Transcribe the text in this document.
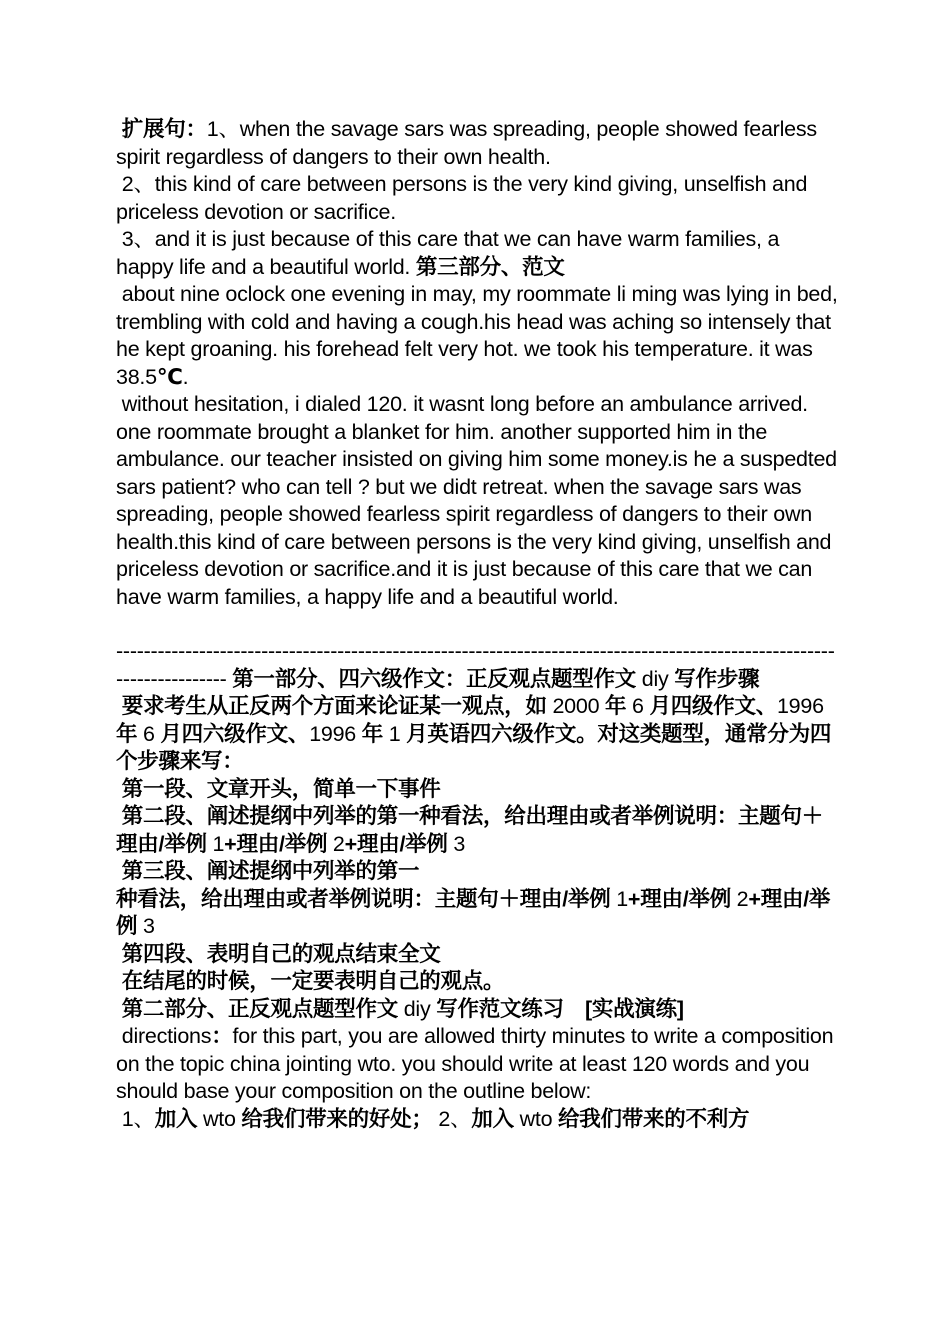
扩展句：1、when the savage sars was spreading, people showed fearless spirit regardless of dangers to their own health.

2、this kind of care between persons is the very kind giving, unselfish and priceless devotion or sacrifice.

3、and it is just because of this care that we can have warm families, a happy life and a beautiful world. 第三部分、范文

about nine oclock one evening in may, my roommate li ming was lying in bed, trembling with cold and having a cough.his head was aching so intensely that he kept groaning. his forehead felt very hot. we took his temperature. it was 38.5℃.

without hesitation, i dialed 120. it wasnt long before an ambulance arrived. one roommate brought a blanket for him. another supported him in the ambulance. our teacher insisted on giving him some money.is he a suspedted sars patient? who can tell ? but we didt retreat. when the savage sars was spreading, people showed fearless spirit regardless of dangers to their own health.this kind of care between persons is the very kind giving, unselfish and priceless devotion or sacrifice.and it is just because of this care that we can have warm families, a happy life and a beautiful world.

------------------------------------------------------------------------------------------------------------------------ 第一部分、四六级作文：正反观点题型作文 diy 写作步骤

要求考生从正反两个方面来论证某一观点，如 2000 年 6 月四级作文、1996 年 6 月四六级作文、1996 年 1 月英语四六级作文。对这类题型，通常分为四个步骤来写：

第一段、文章开头，简单一下事件

第二段、阐述提纲中列举的第一种看法，给出理由或者举例说明：主题句＋理由/举例 1+理由/举例 2+理由/举例 3

第三段、阐述提纲中列举的第一

种看法，给出理由或者举例说明：主题句＋理由/举例 1+理由/举例 2+理由/举例 3

第四段、表明自己的观点结束全文

在结尾的时候，一定要表明自己的观点。

第二部分、正反观点题型作文 diy 写作范文练习　[实战演练]

directions：for this part, you are allowed thirty minutes to write a composition on the topic china jointing wto. you should write at least 120 words and you should base your composition on the outline below:

1、加入 wto 给我们带来的好处； 2、加入 wto 给我们带来的不利方
